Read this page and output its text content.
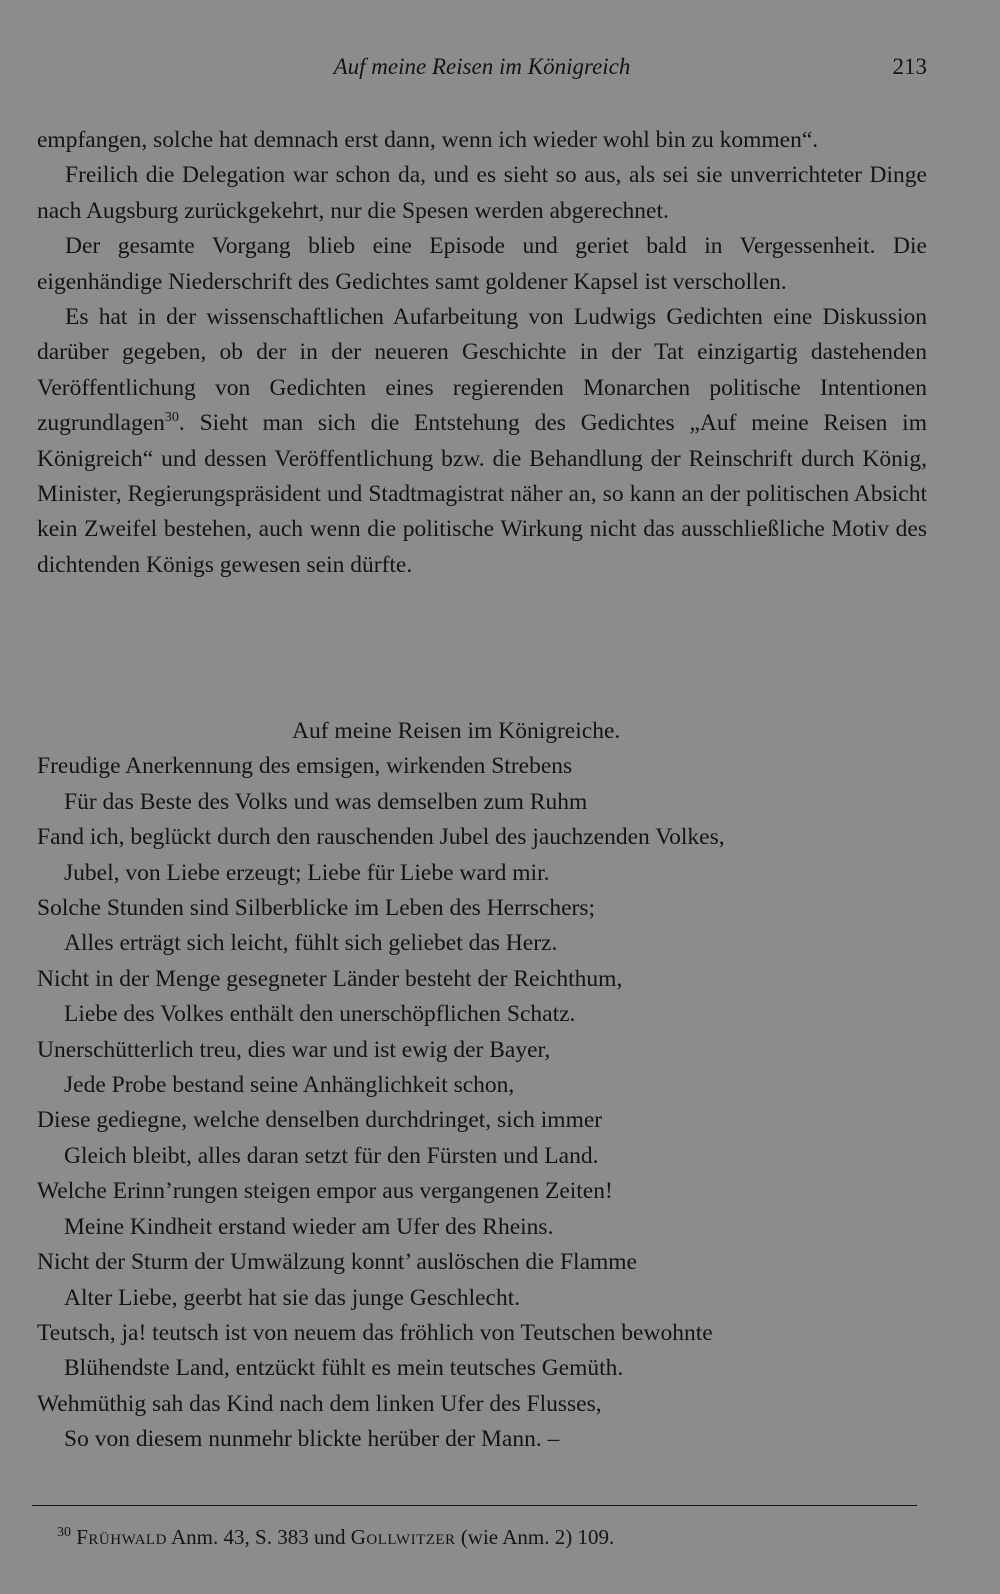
Auf meine Reisen im Königreich	213

empfangen, solche hat demnach erst dann, wenn ich wieder wohl bin zu kommen“.

Freilich die Delegation war schon da, und es sieht so aus, als sei sie unverrichteter Dinge nach Augsburg zurückgekehrt, nur die Spesen werden abgerechnet.

Der gesamte Vorgang blieb eine Episode und geriet bald in Vergessenheit. Die eigenhändige Niederschrift des Gedichtes samt goldener Kapsel ist verschollen.

Es hat in der wissenschaftlichen Aufarbeitung von Ludwigs Gedichten eine Diskussion darüber gegeben, ob der in der neueren Geschichte in der Tat einzigartig dastehenden Veröffentlichung von Gedichten eines regierenden Monarchen politische Intentionen zugrundlagen$^{30}$. Sieht man sich die Entstehung des Gedichtes „Auf meine Reisen im Königreich“ und dessen Veröffentlichung bzw. die Behandlung der Reinschrift durch König, Minister, Regierungspräsident und Stadtmagistrat näher an, so kann an der politischen Absicht kein Zweifel bestehen, auch wenn die politische Wirkung nicht das ausschließliche Motiv des dichtenden Königs gewesen sein dürfte.

Auf meine Reisen im Königreiche.
Freudige Anerkennung des emsigen, wirkenden Strebens
Für das Beste des Volks und was demselben zum Ruhm
Fand ich, beglückt durch den rauschenden Jubel des jauchzenden Volkes,
Jubel, von Liebe erzeugt; Liebe für Liebe ward mir.
Solche Stunden sind Silberblicke im Leben des Herrschers;
Alles erträgt sich leicht, fühlt sich geliebet das Herz.
Nicht in der Menge gesegneter Länder besteht der Reichthum,
Liebe des Volkes enthält den unerschöpflichen Schatz.
Unerschütterlich treu, dies war und ist ewig der Bayer,
Jede Probe bestand seine Anhänglichkeit schon,
Diese gediegne, welche denselben durchdringet, sich immer
Gleich bleibt, alles daran setzt für den Fürsten und Land.
Welche Erinn’rungen steigen empor aus vergangenen Zeiten!
Meine Kindheit erstand wieder am Ufer des Rheins.
Nicht der Sturm der Umwälzung konnt’ auslöschen die Flamme
Alter Liebe, geerbt hat sie das junge Geschlecht.
Teutsch, ja! teutsch ist von neuem das fröhlich von Teutschen bewohnte
Blühendste Land, entzückt fühlt es mein teutsches Gemüth.
Wehmüthig sah das Kind nach dem linken Ufer des Flusses,
So von diesem nunmehr blickte herüber der Mann. –
$^{30}$ Frühwald Anm. 43, S. 383 und Gollwitzer (wie Anm. 2) 109.
